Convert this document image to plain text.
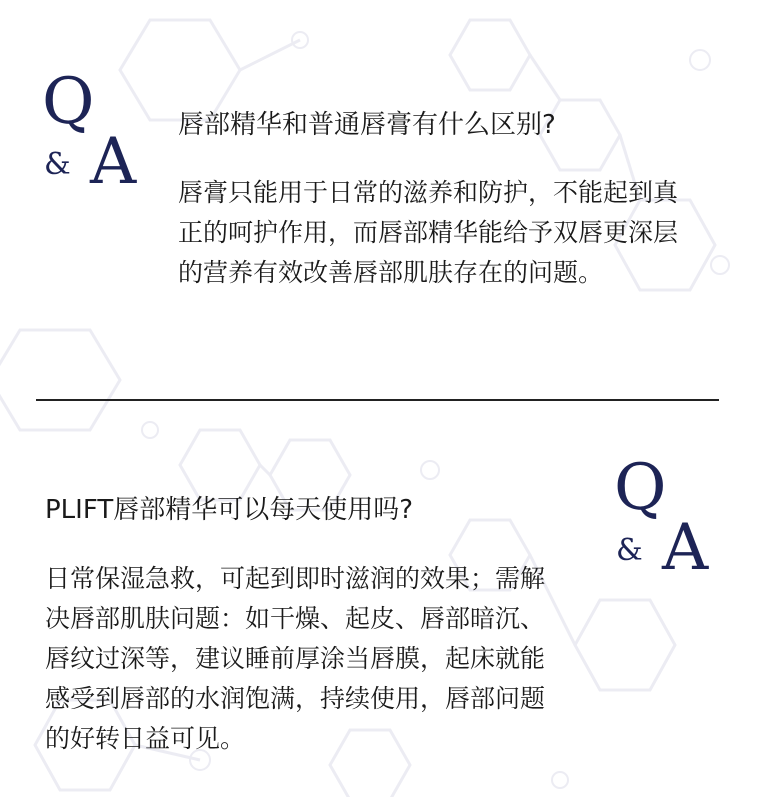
Q
& A 唇部精华和普通唇膏有什么区别?

唇膏只能用于日常的滋养和防护，不能起到真正的呵护作用，而唇部精华能给予双唇更深层的营养有效改善唇部肌肤存在的问题。

PLIFT唇部精华可以每天使用吗?

日常保湿急救，可起到即时滋润的效果；需解决唇部肌肤问题：如干燥、起皮、唇部暗沉、唇纹过深等，建议睡前厚涂当唇膜，起床就能感受到唇部的水润饱满，持续使用，唇部问题的好转日益可见。

Q
& A
